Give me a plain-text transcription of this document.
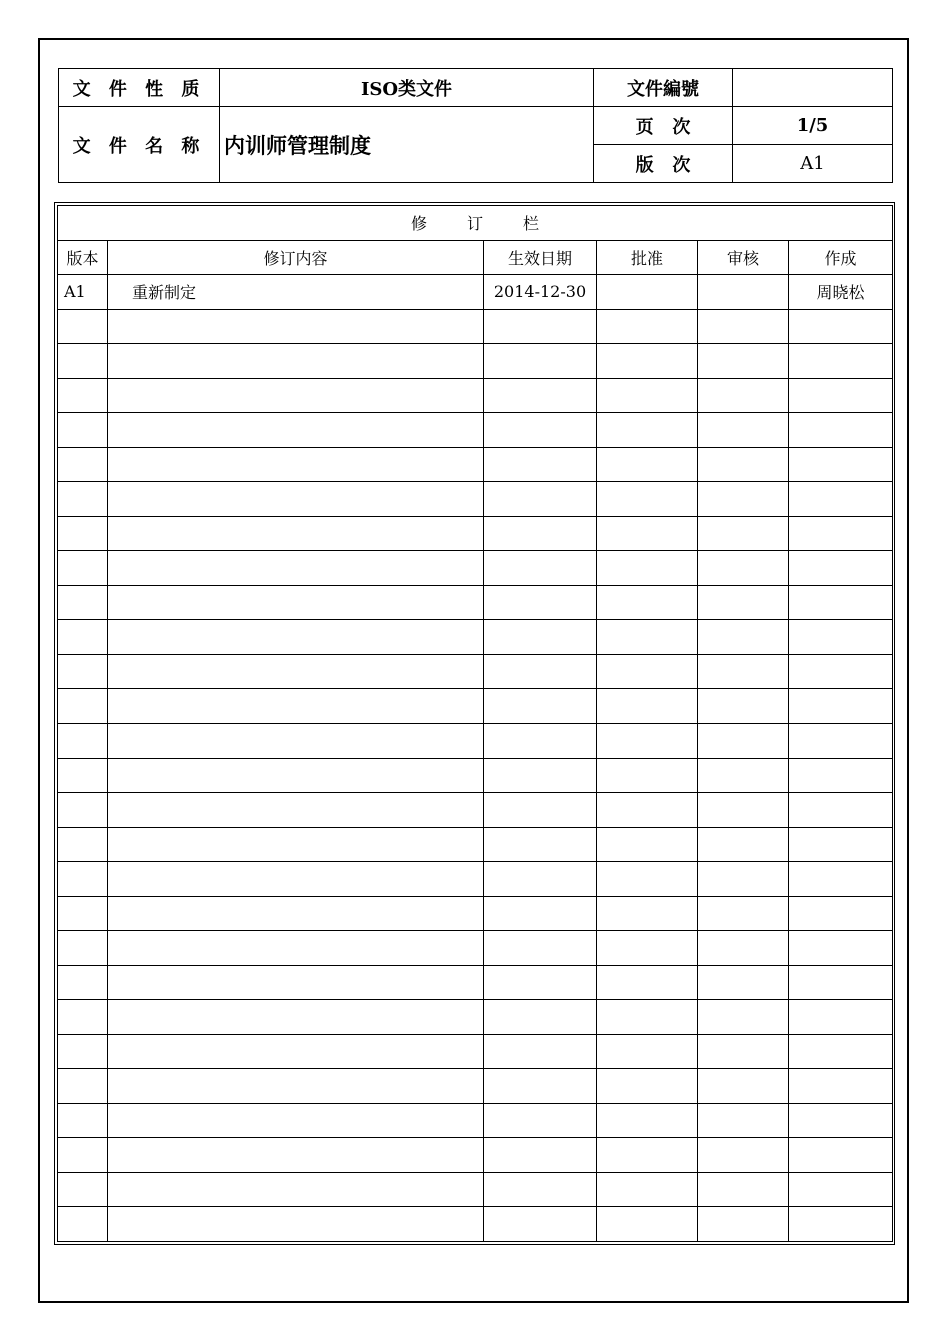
文 件 性 质	ISO类文件	文件編號	
文 件 名 称	内训师管理制度	页   次	1/5
		版   次	A1
修订栏					
版本	修订内容	生效日期	批准	审核	作成
A1	重新制定	2014-12-30			周晓松
